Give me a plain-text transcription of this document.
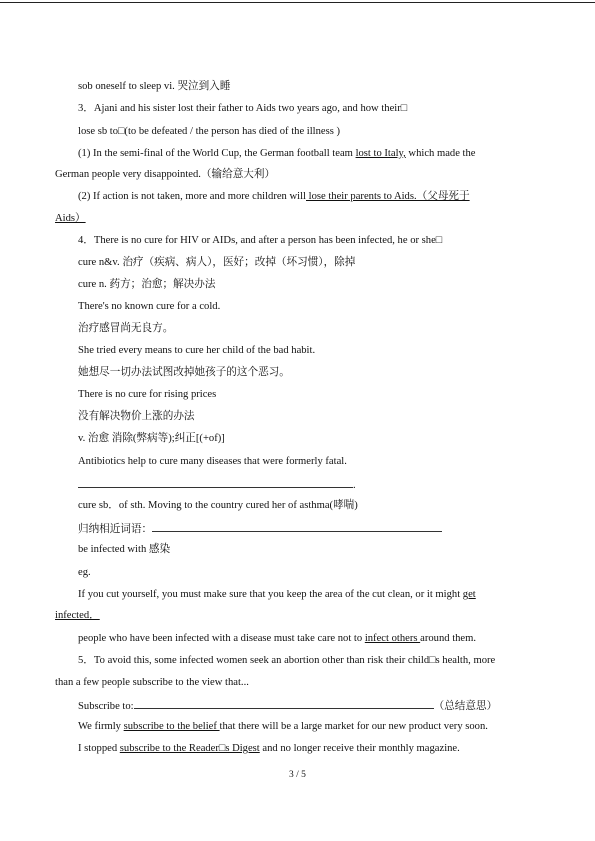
sob oneself to sleep vi. 哭泣到入睡
3．Ajani and his sister lost their father to Aids two years ago, and how their□
lose sb to□(to be defeated / the person has died of the illness )
(1) In the semi-final of the World Cup, the German football team lost to Italy, which made the
German people very disappointed.（输给意大利）
(2) If action is not taken, more and more children will lose their parents to Aids.（父母死于
Aids）
4．There is no cure for HIV or AIDs, and after a person has been infected, he or she□
cure n&v. 治疗（疾病、病人），医好；改掉（坏习惯），除掉
cure n. 药方；治愈；解决办法
There's no known cure for a cold.
治疗感冒尚无良方。
She tried every means to cure her child of the bad habit.
她想尽一切办法试图改掉她孩子的这个恶习。
There is no cure for rising prices
没有解决物价上涨的办法
v. 治愈 消除(弊病等);纠正[(+of)]
Antibiotics help to cure many diseases that were formerly fatal.
.
cure sb．of sth. Moving to the country cured her of asthma(哮喘)
归纳相近词语：
be infected with 感染
eg.
If you cut yourself, you must make sure that you keep the area of the cut clean, or it might get
infected．
people who have been infected with a disease must take care not to infect others around them.
5．To avoid this, some infected women seek an abortion other than risk their child□s health, more
than a few people subscribe to the view that...
Subscribe to:	（总结意思）
We firmly subscribe to the belief that there will be a large market for our new product very soon.
I stopped subscribe to the Reader□s Digest and no longer receive their monthly magazine.
3 / 5
